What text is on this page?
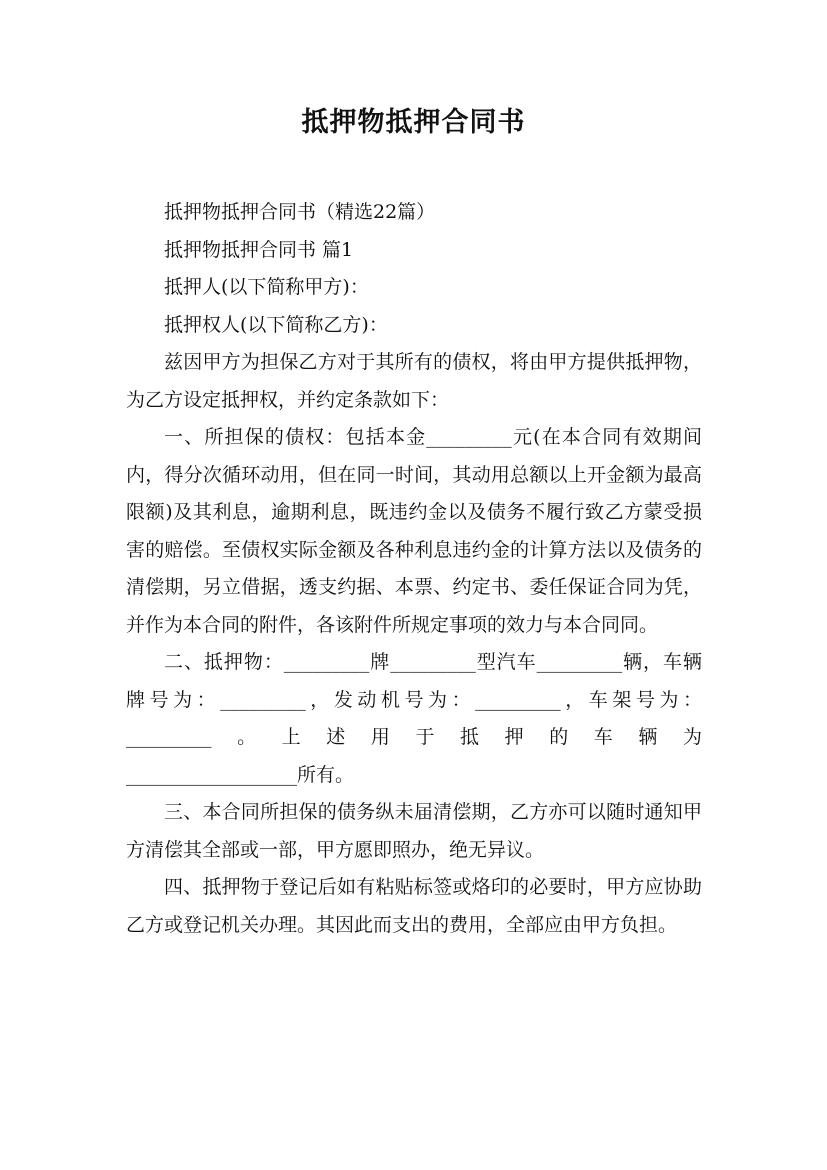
抵押物抵押合同书

抵押物抵押合同书（精选22篇）

抵押物抵押合同书 篇1

抵押人(以下简称甲方)：

抵押权人(以下简称乙方)：

兹因甲方为担保乙方对于其所有的债权，将由甲方提供抵押物，为乙方设定抵押权，并约定条款如下：

一、所担保的债权：包括本金_________元(在本合同有效期间内，得分次循环动用，但在同一时间，其动用总额以上开金额为最高限额)及其利息，逾期利息，既违约金以及债务不履行致乙方蒙受损害的赔偿。至债权实际金额及各种利息违约金的计算方法以及债务的清偿期，另立借据，透支约据、本票、约定书、委任保证合同为凭，并作为本合同的附件，各该附件所规定事项的效力与本合同同。

二、抵押物：_________牌_________型汽车_________辆，车辆牌号为：_________，发动机号为：_________，车架号为：_________。上述用于抵押的车辆为

__________________所有。

三、本合同所担保的债务纵未届清偿期，乙方亦可以随时通知甲方清偿其全部或一部，甲方愿即照办，绝无异议。

四、抵押物于登记后如有粘贴标签或烙印的必要时，甲方应协助乙方或登记机关办理。其因此而支出的费用，全部应由甲方负担。
